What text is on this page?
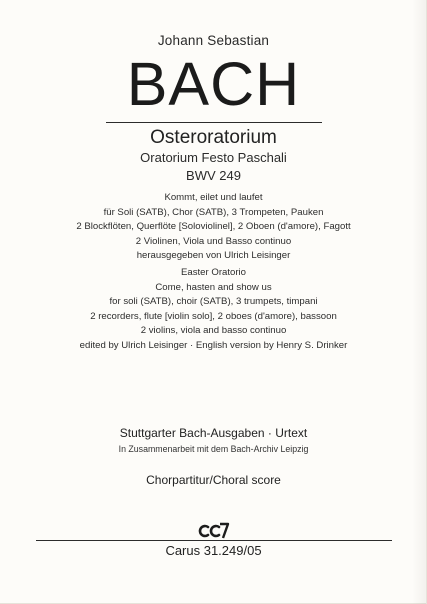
Johann Sebastian
BACH
Osteroratorium
Oratorium Festo Paschali
BWV 249
Kommt, eilet und laufet
für Soli (SATB), Chor (SATB), 3 Trompeten, Pauken
2 Blockflöten, Querflöte [Soloviolinel], 2 Oboen (d'amore), Fagott
2 Violinen, Viola und Basso continuo
herausgegeben von Ulrich Leisinger
Easter Oratorio
Come, hasten and show us
for soli (SATB), choir (SATB), 3 trumpets, timpani
2 recorders, flute [violin solo], 2 oboes (d'amore), bassoon
2 violins, viola and basso continuo
edited by Ulrich Leisinger · English version by Henry S. Drinker
Stuttgarter Bach-Ausgaben · Urtext
In Zusammenarbeit mit dem Bach-Archiv Leipzig
Chorpartitur/Choral score
Carus 31.249/05
